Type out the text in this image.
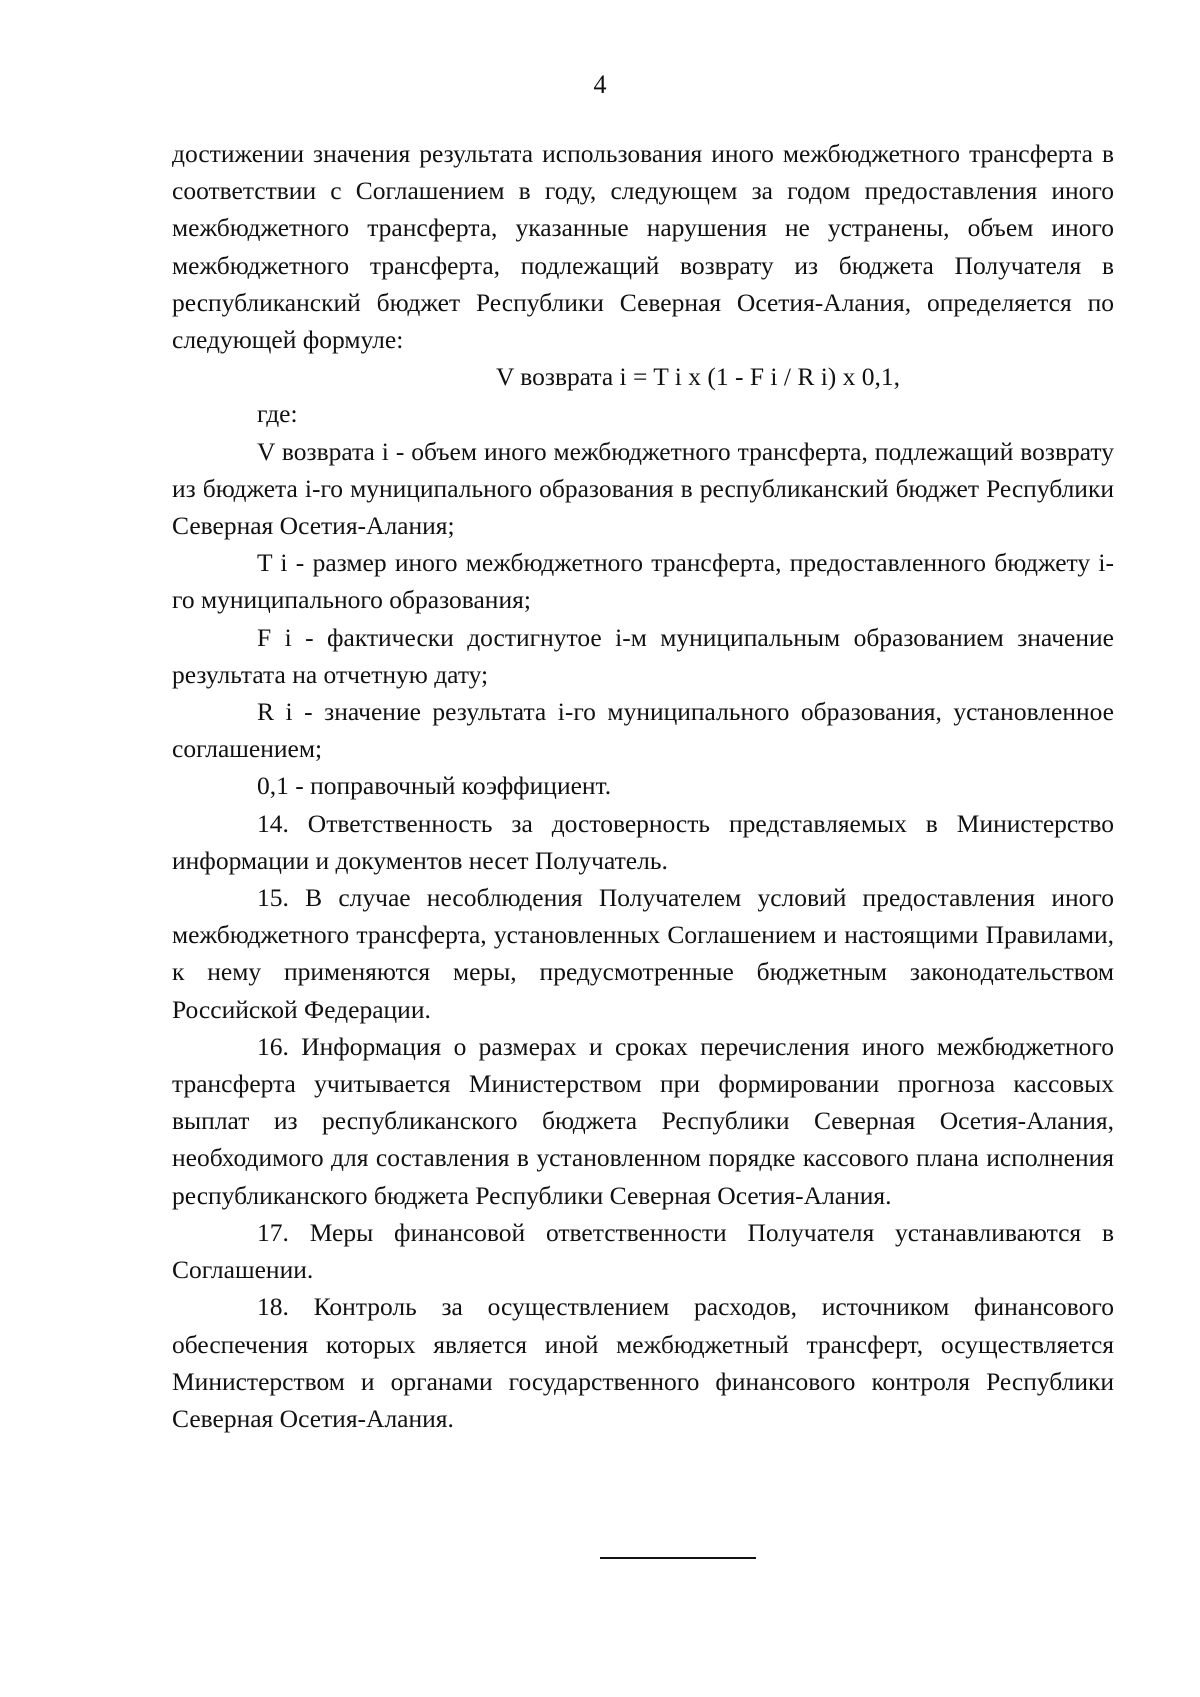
4

достижении значения результата использования иного межбюджетного трансферта в соответствии с Соглашением в году, следующем за годом предоставления иного межбюджетного трансферта, указанные нарушения не устранены, объем иного межбюджетного трансферта, подлежащий возврату из бюджета Получателя в республиканский бюджет Республики Северная Осетия-Алания, определяется по следующей формуле:

V возврата i = T i x (1 - F i / R i) x 0,1,

где:

V возврата i - объем иного межбюджетного трансферта, подлежащий возврату из бюджета i-го муниципального образования в республиканский бюджет Республики Северная Осетия-Алания;

T i - размер иного межбюджетного трансферта, предоставленного бюджету i-го муниципального образования;

F i - фактически достигнутое i-м муниципальным образованием значение результата на отчетную дату;

R i - значение результата i-го муниципального образования, установленное соглашением;

0,1 - поправочный коэффициент.

14. Ответственность за достоверность представляемых в Министерство информации и документов несет Получатель.

15. В случае несоблюдения Получателем условий предоставления иного межбюджетного трансферта, установленных Соглашением и настоящими Правилами, к нему применяются меры, предусмотренные бюджетным законодательством Российской Федерации.

16. Информация о размерах и сроках перечисления иного межбюджетного трансферта учитывается Министерством при формировании прогноза кассовых выплат из республиканского бюджета Республики Северная Осетия-Алания, необходимого для составления в установленном порядке кассового плана исполнения республиканского бюджета Республики Северная Осетия-Алания.

17. Меры финансовой ответственности Получателя устанавливаются в Соглашении.

18. Контроль за осуществлением расходов, источником финансового обеспечения которых является иной межбюджетный трансферт, осуществляется Министерством и органами государственного финансового контроля Республики Северная Осетия-Алания.
